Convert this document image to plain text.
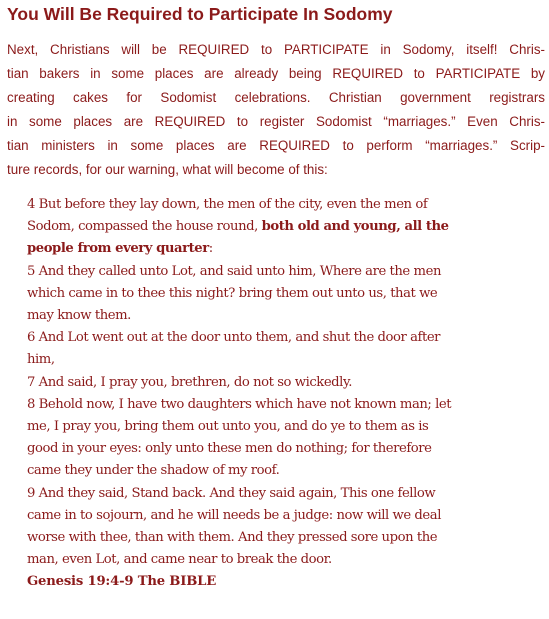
You Will Be Required to Participate In Sodomy
Next, Christians will be REQUIRED to PARTICIPATE in Sodomy, itself! Chris-
tian bakers in some places are already being REQUIRED to PARTICIPATE by
creating cakes for Sodomist celebrations. Christian government registrars
in some places are REQUIRED to register Sodomist “marriages.” Even Chris-
tian ministers in some places are REQUIRED to perform “marriages.” Scrip-
ture records, for our warning, what will become of this:
4 But before they lay down, the men of the city, even the men of
Sodom, compassed the house round, both old and young, all the
people from every quarter:
5 And they called unto Lot, and said unto him, Where are the men
which came in to thee this night? bring them out unto us, that we
may know them.
6 And Lot went out at the door unto them, and shut the door after
him,
7 And said, I pray you, brethren, do not so wickedly.
8 Behold now, I have two daughters which have not known man; let
me, I pray you, bring them out unto you, and do ye to them as is
good in your eyes: only unto these men do nothing; for therefore
came they under the shadow of my roof.
9 And they said, Stand back. And they said again, This one fellow
came in to sojourn, and he will needs be a judge: now will we deal
worse with thee, than with them. And they pressed sore upon the
man, even Lot, and came near to break the door.
Genesis 19:4-9 The BIBLE
